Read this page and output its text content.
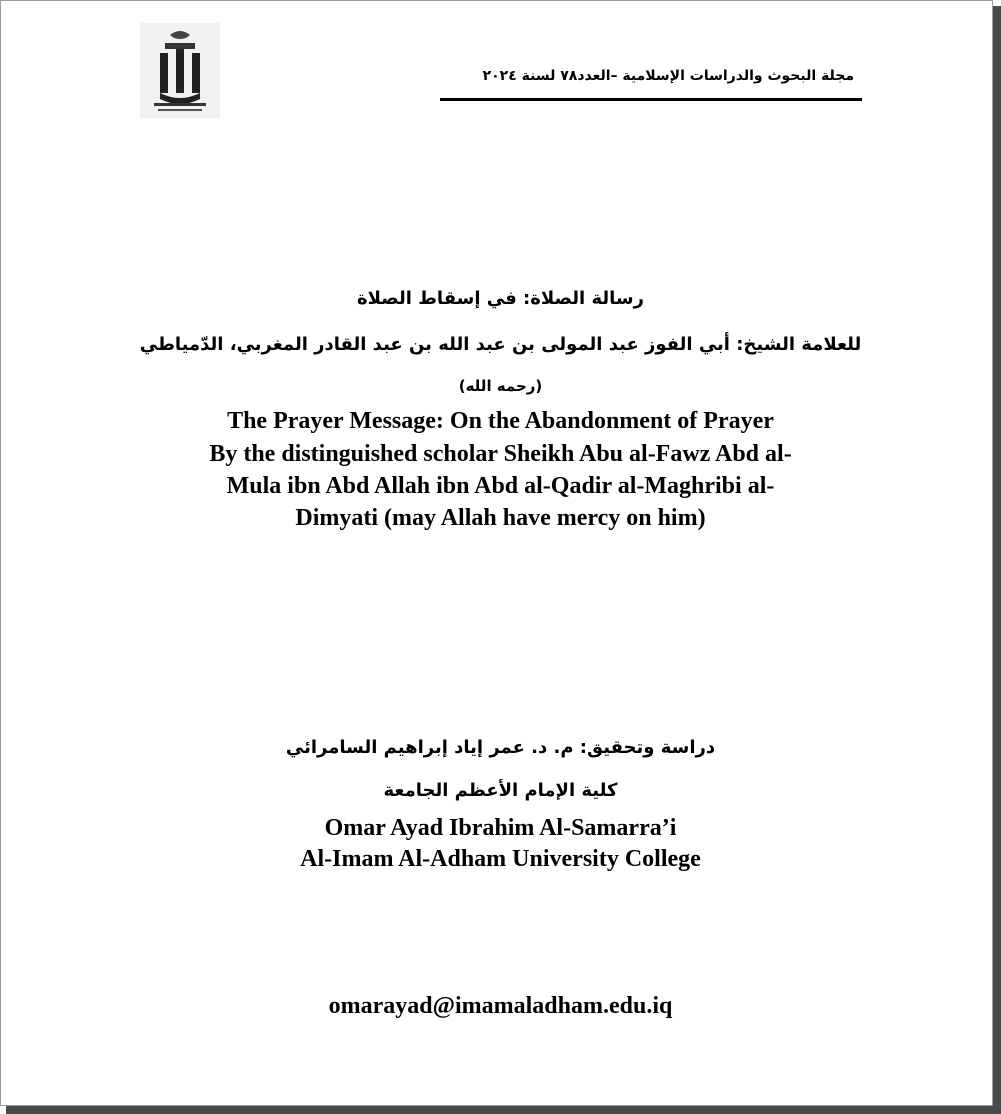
مجلة البحوث والدراسات الإسلامية –العدد٧٨ لسنة ٢٠٢٤
رسالة الصلاة: في إسقاط الصلاة
للعلامة الشيخ: أبي الفوز عبد المولى بن عبد الله بن عبد القادر المغربي، الدّمياطي
(رحمه الله)
The Prayer Message: On the Abandonment of Prayer
By the distinguished scholar Sheikh Abu al-Fawz Abd al-
Mula ibn Abd Allah ibn Abd al-Qadir al-Maghribi al-
Dimyati (may Allah have mercy on him)
دراسة وتحقيق: م. د. عمر إياد إبراهيم السامرائي
كلية الإمام الأعظم الجامعة
Omar Ayad Ibrahim Al-Samarra’i
Al-Imam Al-Adham University College
omarayad@imamaladham.edu.iq
